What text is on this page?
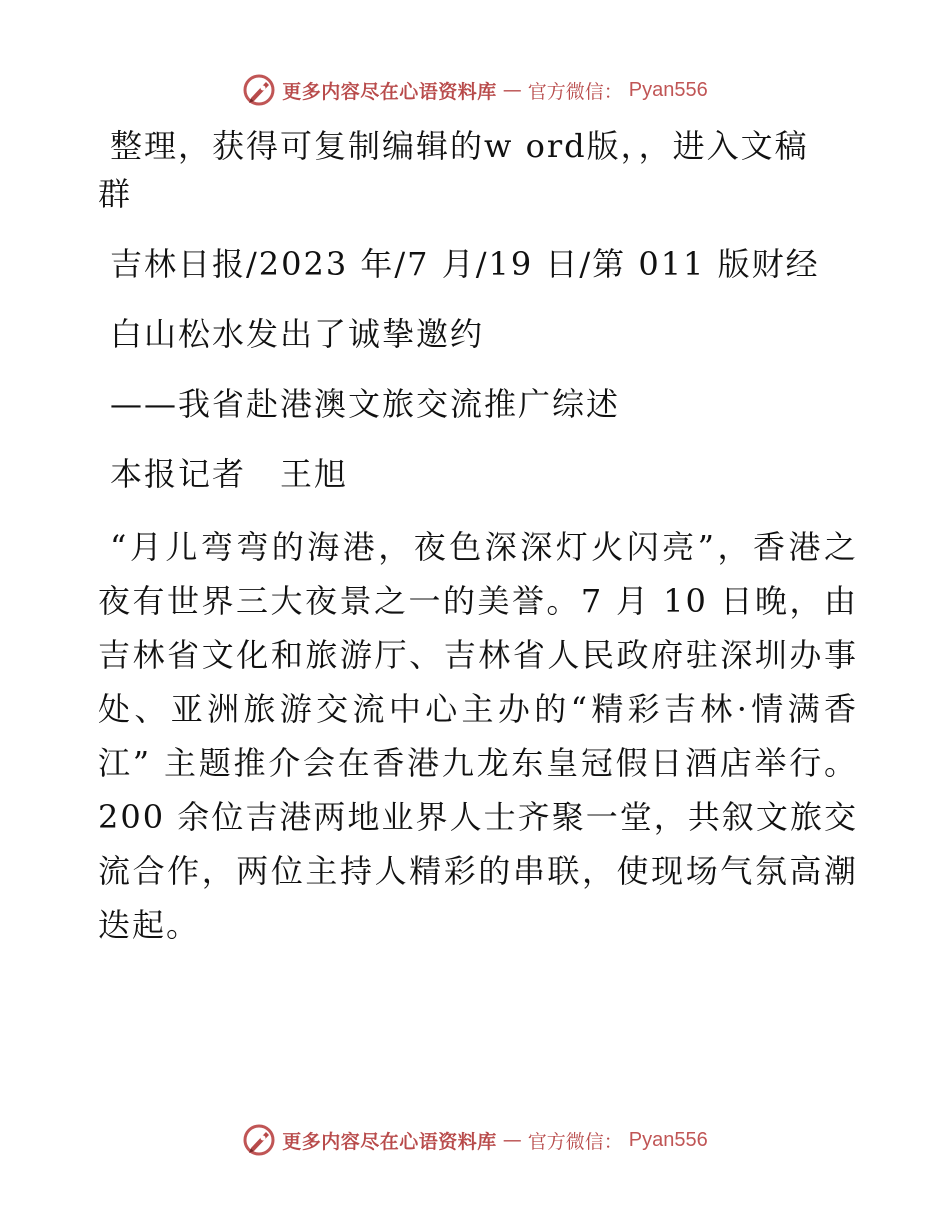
更多内容尽在心语资料库 — 官方微信： Pyan556

整理，获得可复制编辑的w ord版，，进入文稿

群

吉林日报/2023 年/7 月/19 日/第 011 版财经

白山松水发出了诚挚邀约

——我省赴港澳文旅交流推广综述

本报记者　王旭

“月儿弯弯的海港，夜色深深灯火闪亮”，香港之夜有世界三大夜景之一的美誉。7 月 10 日晚，由吉林省文化和旅游厅、吉林省人民政府驻深圳办事处、亚洲旅游交流中心主办的“精彩吉林·情满香江” 主题推介会在香港九龙东皇冠假日酒店举行。200 余位吉港两地业界人士齐聚一堂，共叙文旅交流合作，两位主持人精彩的串联，使现场气氛高潮迭起。

更多内容尽在心语资料库 — 官方微信： Pyan556
